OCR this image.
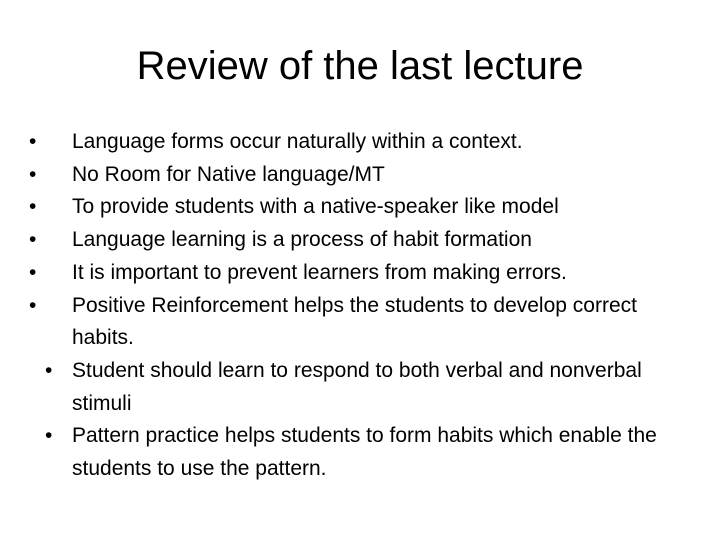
Review of the last lecture
• Language forms occur naturally within a context.
• No Room for Native language/MT
• To provide students with a native-speaker like model
• Language learning is a process of habit formation
• It is important to prevent learners from making errors.
• Positive Reinforcement helps the students to develop correct habits.
• Student should learn to respond to both verbal and nonverbal stimuli
• Pattern practice helps students to form habits which enable the students to use the pattern.
